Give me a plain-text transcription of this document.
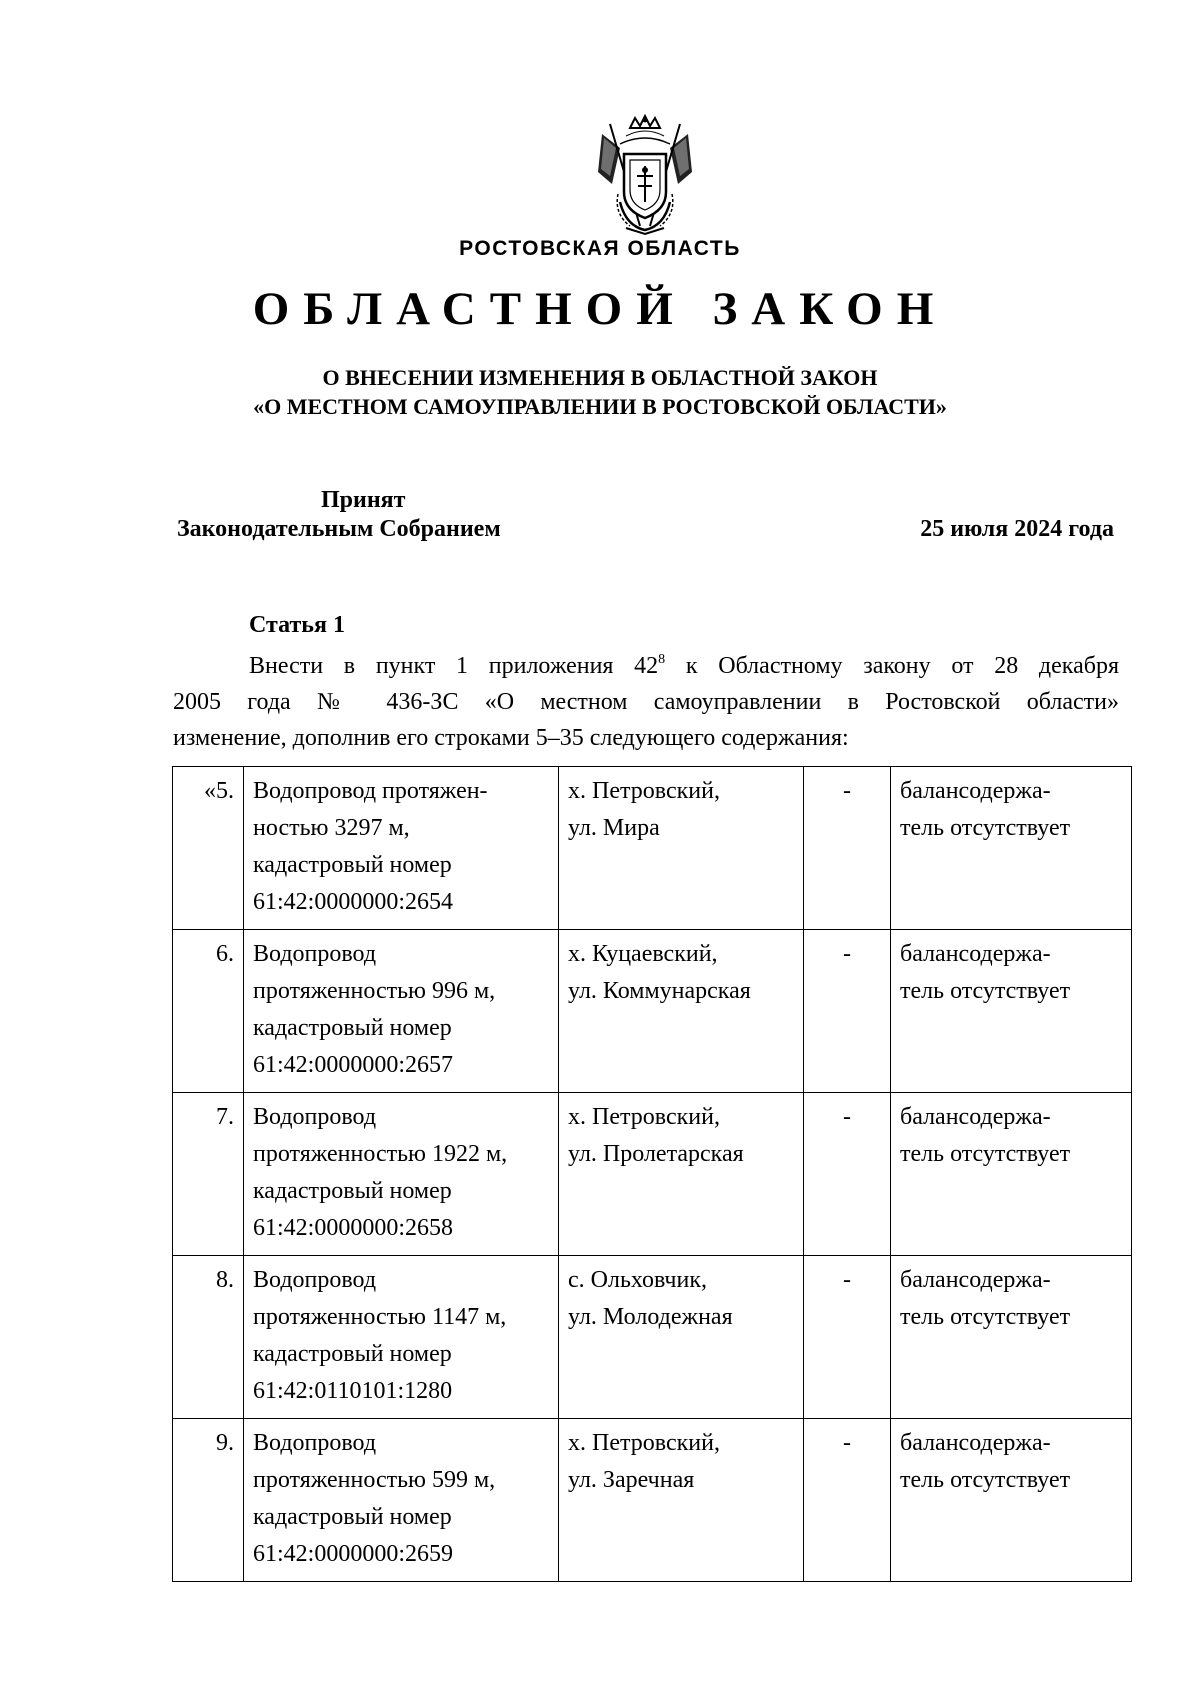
РОСТОВСКАЯ ОБЛАСТЬ
ОБЛАСТНОЙ ЗАКОН
О ВНЕСЕНИИ ИЗМЕНЕНИЯ В ОБЛАСТНОЙ ЗАКОН
«О МЕСТНОМ САМОУПРАВЛЕНИИ В РОСТОВСКОЙ ОБЛАСТИ»
Принят
Законодательным Собранием	25 июля 2024 года
Статья 1
Внести в пункт 1 приложения $42^8$ к Областному закону от 28 декабря
2005 года № 436-ЗС «О местном самоуправлении в Ростовской области»
изменение, дополнив его строками 5–35 следующего содержания:
«5.	Водопровод протяжен-
ностью 3297 м,
кадастровый номер
61:42:0000000:2654	х. Петровский,
ул. Мира	-	балансодержа-
тель отсутствует

6.	Водопровод
протяженностью 996 м,
кадастровый номер
61:42:0000000:2657	х. Куцаевский,
ул. Коммунарская	-	балансодержа-
тель отсутствует

7.	Водопровод
протяженностью 1922 м,
кадастровый номер
61:42:0000000:2658	х. Петровский,
ул. Пролетарская	-	балансодержа-
тель отсутствует

8.	Водопровод
протяженностью 1147 м,
кадастровый номер
61:42:0110101:1280	с. Ольховчик,
ул. Молодежная	-	балансодержа-
тель отсутствует

9.	Водопровод
протяженностью 599 м,
кадастровый номер
61:42:0000000:2659	х. Петровский,
ул. Заречная	-	балансодержа-
тель отсутствует
